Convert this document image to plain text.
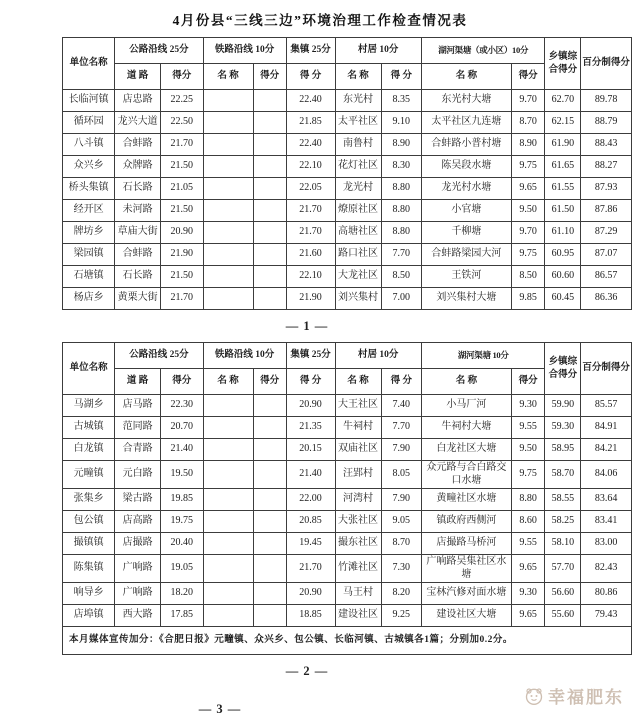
4月份县“三线三边”环境治理工作检查情况表
单位名称	公路沿线 25分		铁路沿线 10分		集镇 25分	村居 10分		湖河渠塘（或小区）10分		乡镇综合得分	百分制得分
	道 路	得分	名 称	得分	得 分	名 称	得 分	名 称	得分		
长临河镇	店忠路	22.25			22.40	东光村	8.35	东光村大塘	9.70	62.70	89.78
循环园	龙兴大道	22.50			21.85	太平社区	9.10	太平社区九连塘	8.70	62.15	88.79
八斗镇	合蚌路	21.70			22.40	南鲁村	8.90	合蚌路小普村塘	8.90	61.90	88.43
众兴乡	众牌路	21.50			22.10	花灯社区	8.30	陈吴段水塘	9.75	61.65	88.27
桥头集镇	石长路	21.05			22.05	龙光村	8.80	龙光村水塘	9.65	61.55	87.93
经开区	未河路	21.50			21.70	燎原社区	8.80	小官塘	9.50	61.50	87.86
牌坊乡	草庙大街	20.90			21.70	高塘社区	8.80	千柳塘	9.70	61.10	87.29
梁园镇	合蚌路	21.90			21.60	路口社区	7.70	合蚌路梁园大河	9.75	60.95	87.07
石塘镇	石长路	21.50			22.10	大龙社区	8.50	王铁河	8.50	60.60	86.57
杨店乡	黄栗大街	21.70			21.90	刘兴集村	7.00	刘兴集村大塘	9.85	60.45	86.36
— 1 —
单位名称	公路沿线 25分		铁路沿线 10分		集镇 25分	村居 10分		湖河渠塘 10分		乡镇综合得分	百分制得分
	道 路	得分	名 称	得分	得 分	名 称	得 分	名 称	得分		
马湖乡	店马路	22.30			20.90	大王社区	7.40	小马厂河	9.30	59.90	85.57
古城镇	范同路	20.70			21.35	牛祠村	7.70	牛祠村大塘	9.55	59.30	84.91
白龙镇	合青路	21.40			20.15	双庙社区	7.90	白龙社区大塘	9.50	58.95	84.21
元疃镇	元白路	19.50			21.40	汪郢村	8.05	众元路与合白路交口水塘	9.75	58.70	84.06
张集乡	梁古路	19.85			22.00	河湾村	7.90	黄疃社区水塘	8.80	58.55	83.64
包公镇	店高路	19.75			20.85	大张社区	9.05	镇政府西侧河	8.60	58.25	83.41
撮镇镇	店撮路	20.40			19.45	撮东社区	8.70	店撮路马桥河	9.55	58.10	83.00
陈集镇	广响路	19.05			21.70	竹滩社区	7.30	广响路吴集社区水塘	9.65	57.70	82.43
响导乡	广响路	18.20			20.90	马王村	8.20	宝林汽修对面水塘	9.30	56.60	80.86
店埠镇	西大路	17.85			18.85	建设社区	9.25	建设社区大塘	9.65	55.60	79.43
本月媒体宣传加分：《合肥日报》元疃镇、众兴乡、包公镇、长临河镇、古城镇各1篇；分别加0.2分。											
— 2 —
— 3 —
幸福肥东
